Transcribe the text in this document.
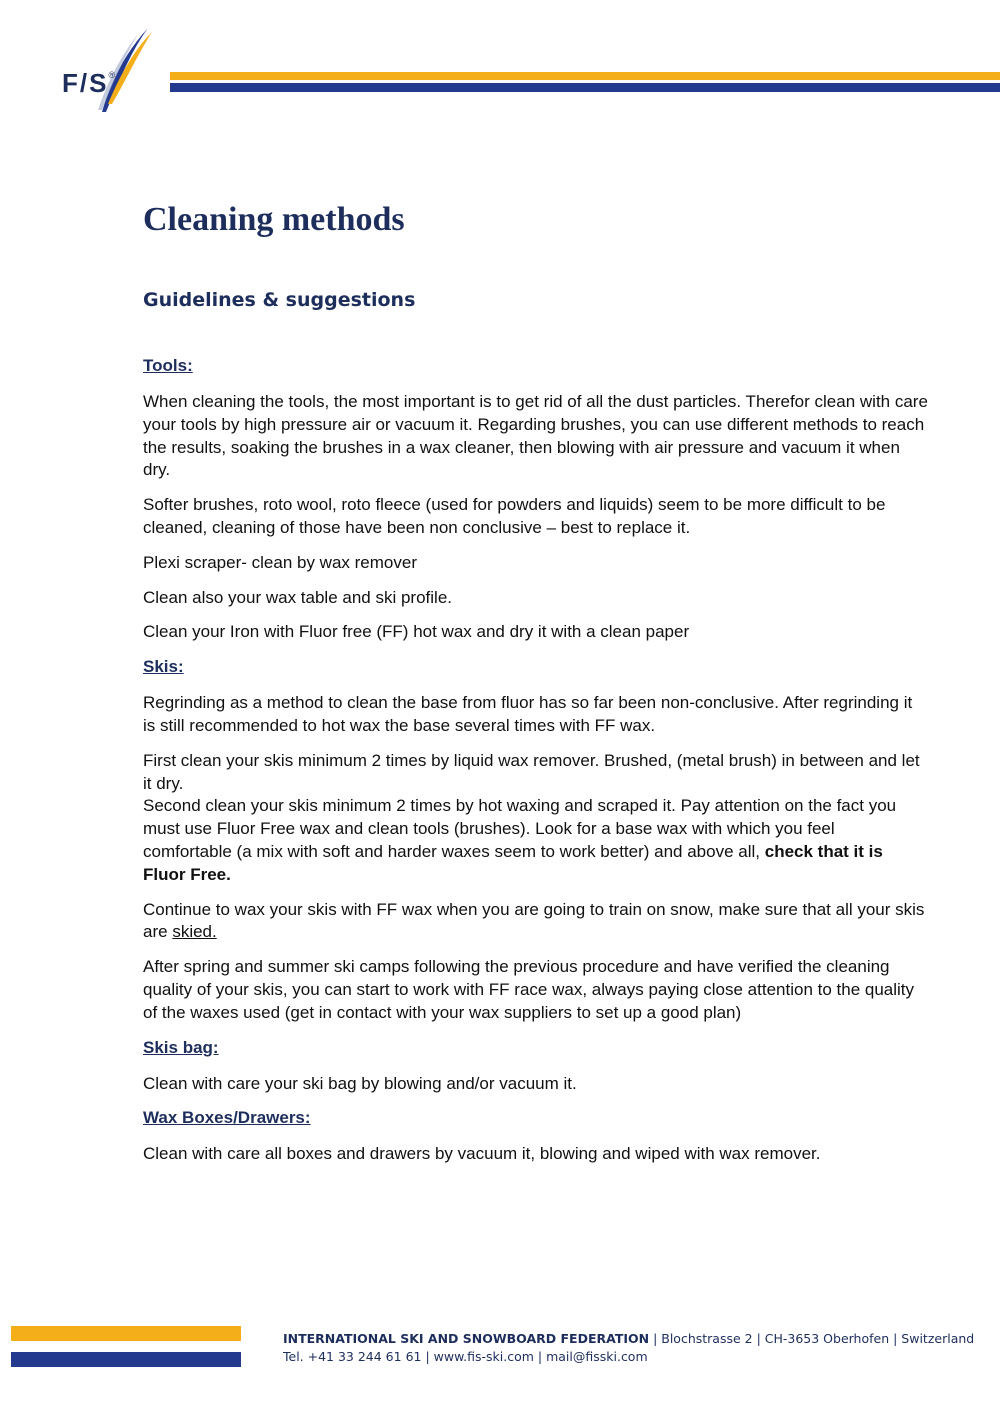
F/S®
Cleaning methods
Guidelines & suggestions
Tools:

When cleaning the tools, the most important is to get rid of all the dust particles. Therefor clean with care your tools by high pressure air or vacuum it. Regarding brushes, you can use different methods to reach the results, soaking the brushes in a wax cleaner, then blowing with air pressure and vacuum it when dry.

Softer brushes, roto wool, roto fleece (used for powders and liquids) seem to be more difficult to be cleaned, cleaning of those have been non conclusive – best to replace it.

Plexi scraper- clean by wax remover

Clean also your wax table and ski profile.

Clean your Iron with Fluor free (FF) hot wax and dry it with a clean paper

Skis:

Regrinding as a method to clean the base from fluor has so far been non-conclusive. After regrinding it is still recommended to hot wax the base several times with FF wax.

First clean your skis minimum 2 times by liquid wax remover. Brushed, (metal brush) in between and let it dry.
Second clean your skis minimum 2 times by hot waxing and scraped it. Pay attention on the fact you must use Fluor Free wax and clean tools (brushes). Look for a base wax with which you feel comfortable (a mix with soft and harder waxes seem to work better) and above all, check that it is Fluor Free.

Continue to wax your skis with FF wax when you are going to train on snow, make sure that all your skis are skied.

After spring and summer ski camps following the previous procedure and have verified the cleaning quality of your skis, you can start to work with FF race wax, always paying close attention to the quality of the waxes used (get in contact with your wax suppliers to set up a good plan)

Skis bag:

Clean with care your ski bag by blowing and/or vacuum it.

Wax Boxes/Drawers:

Clean with care all boxes and drawers by vacuum it, blowing and wiped with wax remover.

INTERNATIONAL SKI AND SNOWBOARD FEDERATION | Blochstrasse 2 | CH-3653 Oberhofen | Switzerland
Tel. +41 33 244 61 61 | www.fis-ski.com | mail@fisski.com
